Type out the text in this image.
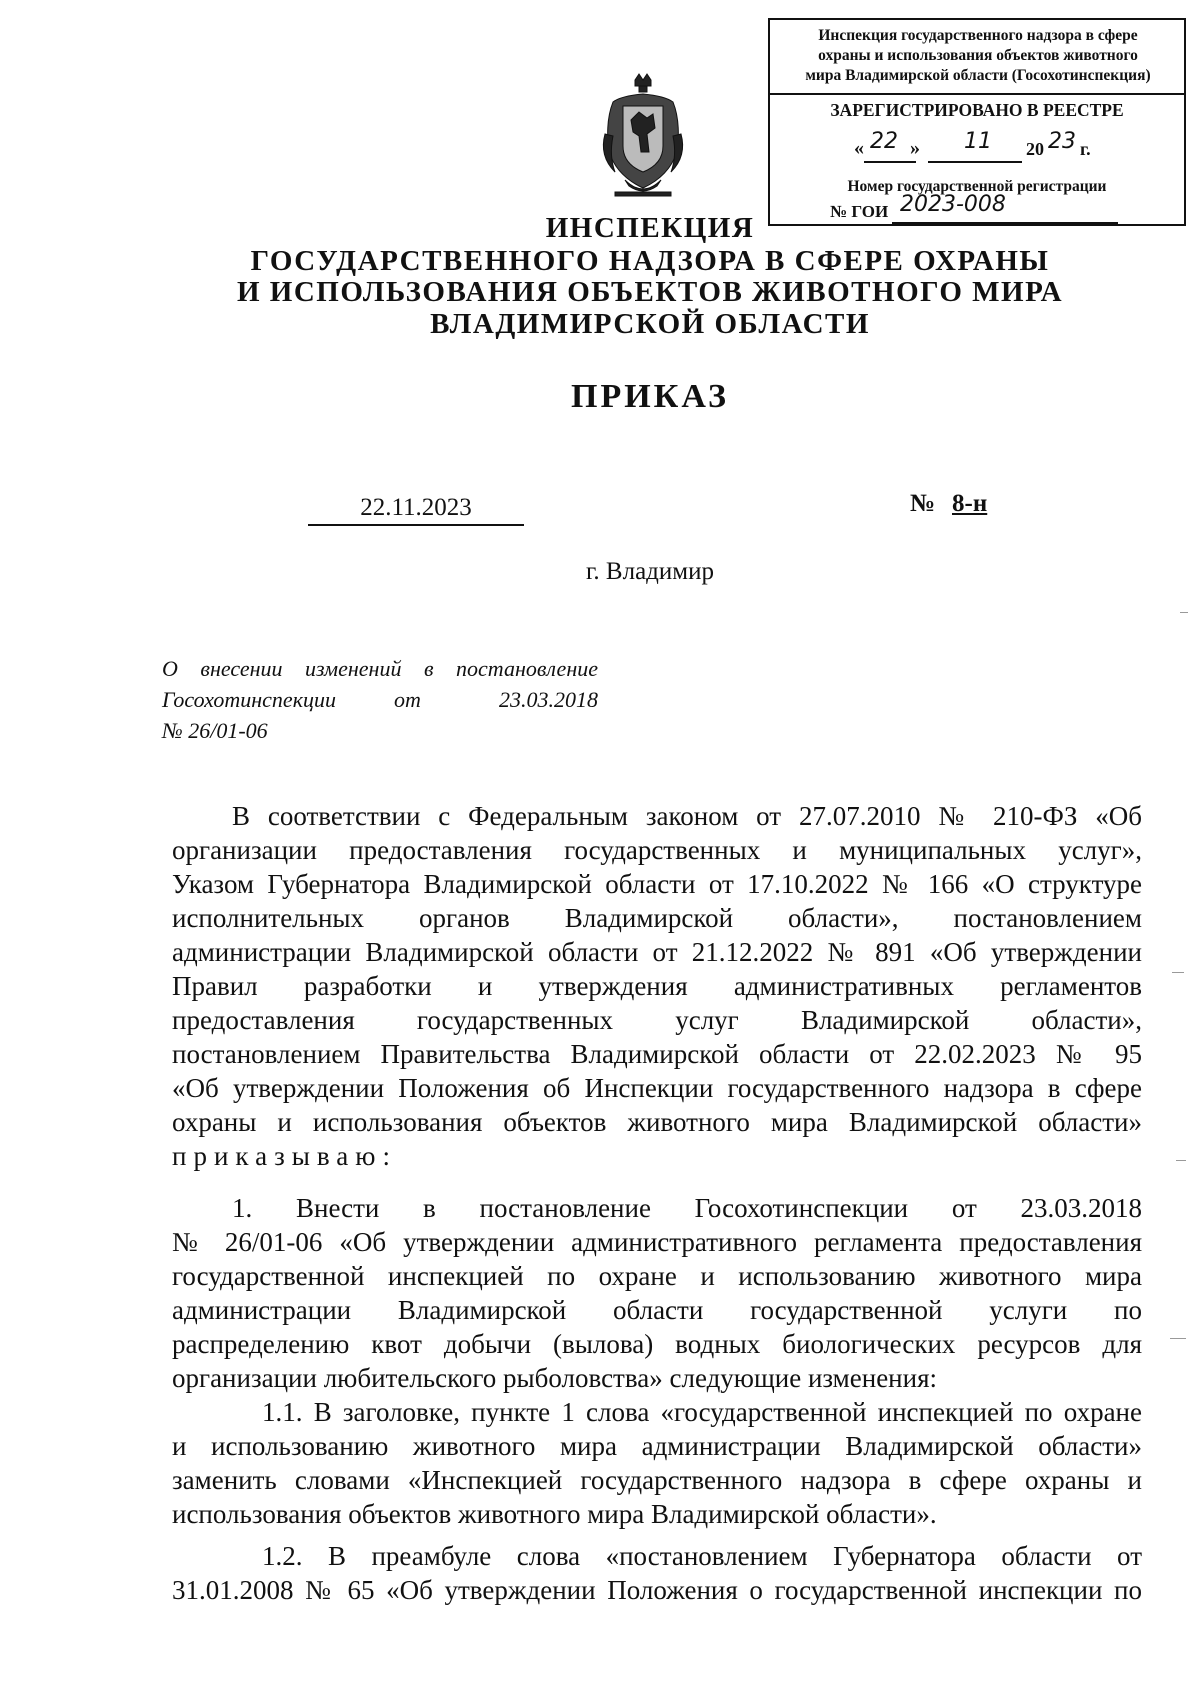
Инспекция государственного надзора в сфере
охраны и использования объектов животного
мира Владимирской области (Госохотинспекция)
ЗАРЕГИСТРИРОВАНО В РЕЕСТРЕ
« 22 » 11 20 23 г.
Номер государственной регистрации
№ ГОИ 2023-008
ИНСПЕКЦИЯ
ГОСУДАРСТВЕННОГО НАДЗОРА В СФЕРЕ ОХРАНЫ
И ИСПОЛЬЗОВАНИЯ ОБЪЕКТОВ ЖИВОТНОГО МИРА
ВЛАДИМИРСКОЙ ОБЛАСТИ
ПРИКАЗ
22.11.2023	№ 8-н
г. Владимир
О внесении изменений в постановление
Госохотинспекции	от	23.03.2018
№ 26/01-06
В соответствии с Федеральным законом от 27.07.2010 № 210-ФЗ «Об
организации предоставления государственных и муниципальных услуг»,
Указом Губернатора Владимирской области от 17.10.2022 № 166 «О структуре
исполнительных органов Владимирской области», постановлением
администрации Владимирской области от 21.12.2022 № 891 «Об утверждении
Правил разработки и утверждения административных регламентов
предоставления государственных услуг Владимирской области»,
постановлением Правительства Владимирской области от 22.02.2023 № 95
«Об утверждении Положения об Инспекции государственного надзора в сфере
охраны и использования объектов животного мира Владимирской области»
приказываю:
1. Внести в постановление Госохотинспекции от 23.03.2018
№ 26/01-06 «Об утверждении административного регламента предоставления
государственной инспекцией по охране и использованию животного мира
администрации Владимирской области государственной услуги по
распределению квот добычи (вылова) водных биологических ресурсов для
организации любительского рыболовства» следующие изменения:
1.1. В заголовке, пункте 1 слова «государственной инспекцией по охране
и использованию животного мира администрации Владимирской области»
заменить словами «Инспекцией государственного надзора в сфере охраны и
использования объектов животного мира Владимирской области».
1.2. В преамбуле слова «постановлением Губернатора области от
31.01.2008 № 65 «Об утверждении Положения о государственной инспекции по
